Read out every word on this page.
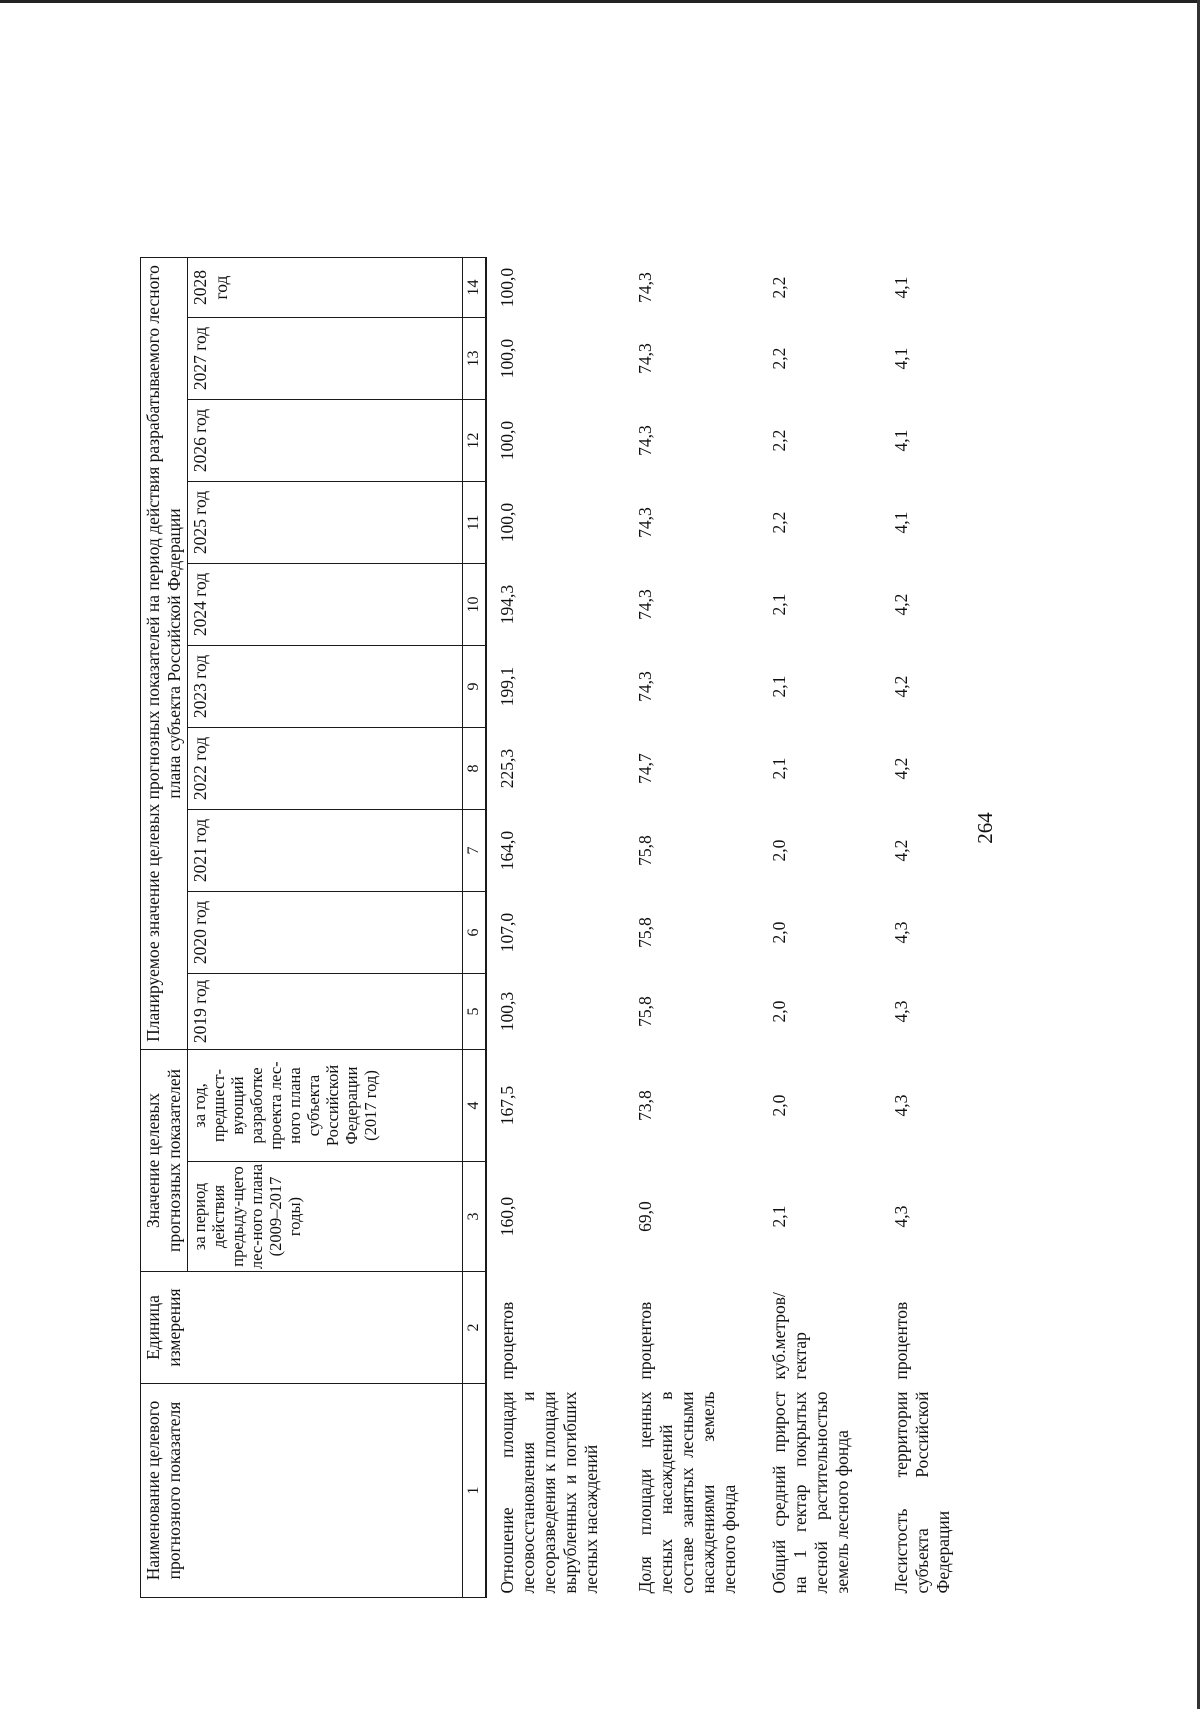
264
Наименование целевого прогнозного показателя	Единица измерения	Значение целевых прогнозных показателей		Планируемое значение целевых прогнозных показателей на период действия разрабатываемого лесного плана субъекта Российской Федерации									
		за период действия предыду-щего лес-ного плана (2009–2017 годы)	за год, предшест-вующий разработке проекта лес-ного плана субъекта Российской Федерации (2017 год)	2019 год	2020 год	2021 год	2022 год	2023 год	2024 год	2025 год	2026 год	2027 год	2028 год
1	2	3	4	5	6	7	8	9	10	11	12	13	14
Отношение площади лесовосстановления и лесоразведения к площади вырубленных и погибших лесных насаждений	процентов	160,0	167,5	100,3	107,0	164,0	225,3	199,1	194,3	100,0	100,0	100,0	100,0
Доля площади ценных лесных насаждений в составе занятых лесными насаждениями земель лесного фонда	процентов	69,0	73,8	75,8	75,8	75,8	74,7	74,3	74,3	74,3	74,3	74,3	74,3
Общий средний прирост на 1 гектар покрытых лесной растительностью земель лесного фонда	куб.метров/ гектар	2,1	2,0	2,0	2,0	2,0	2,1	2,1	2,1	2,2	2,2	2,2	2,2
Лесистость территории субъекта Российской Федерации	процентов	4,3	4,3	4,3	4,3	4,2	4,2	4,2	4,2	4,1	4,1	4,1	4,1
